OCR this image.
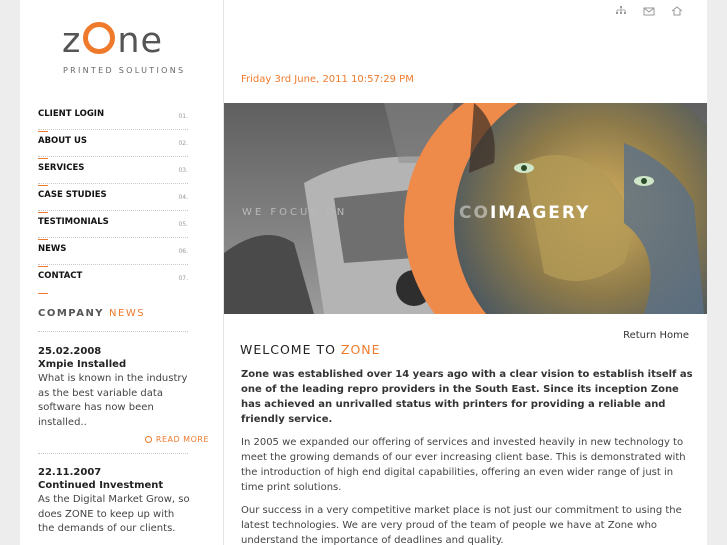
z ne
PRINTED SOLUTIONS
CLIENT LOGIN	01.
ABOUT US	02.
SERVICES	03.
CASE STUDIES	04.
TESTIMONIALS	05.
NEWS	06.
CONTACT	07.
COMPANY NEWS
25.02.2008
Xmpie Installed
What is known in the industry as the best variable data software has now been installed..
READ MORE
22.11.2007
Continued Investment
As the Digital Market Grow, so does ZONE to keep up with the demands of our clients.
Friday 3rd June, 2011 10:57:29 PM
WE FOCUS ON	COIMAGERY
Return Home
WELCOME TO ZONE
Zone was established over 14 years ago with a clear vision to establish itself as one of the leading repro providers in the South East. Since its inception Zone has achieved an unrivalled status with printers for providing a reliable and friendly service.
In 2005 we expanded our offering of services and invested heavily in new technology to meet the growing demands of our ever increasing client base. This is demonstrated with the introduction of high end digital capabilities, offering an even wider range of just in time print solutions.
Our success in a very competitive market place is not just our commitment to using the latest technologies. We are very proud of the team of people we have at Zone who understand the importance of deadlines and quality.
